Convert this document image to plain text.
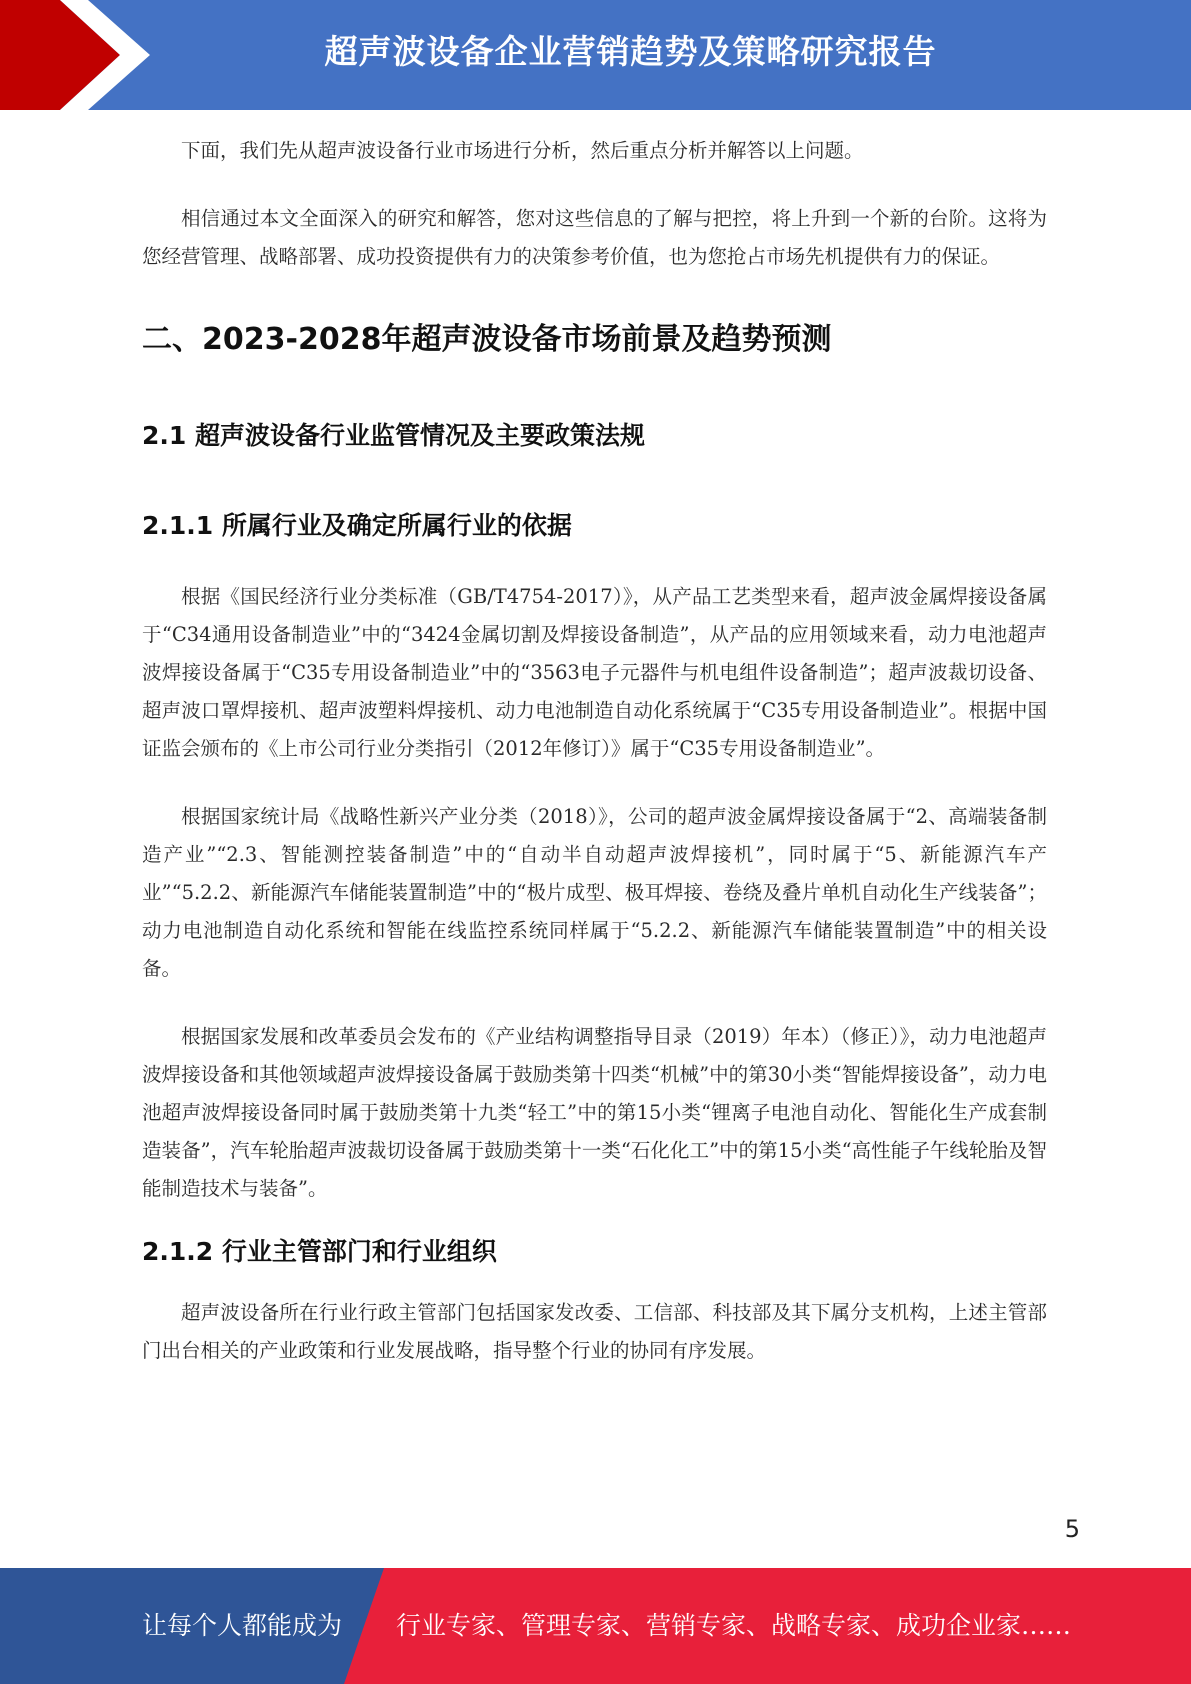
超声波设备企业营销趋势及策略研究报告

下面，我们先从超声波设备行业市场进行分析，然后重点分析并解答以上问题。

相信通过本文全面深入的研究和解答，您对这些信息的了解与把控，将上升到一个新的台阶。这将为您经营管理、战略部署、成功投资提供有力的决策参考价值，也为您抢占市场先机提供有力的保证。

二、2023-2028年超声波设备市场前景及趋势预测
2.1 超声波设备行业监管情况及主要政策法规
2.1.1 所属行业及确定所属行业的依据

根据《国民经济行业分类标准（GB/T4754-2017）》，从产品工艺类型来看，超声波金属焊接设备属于“C34通用设备制造业”中的“3424金属切割及焊接设备制造”，从产品的应用领域来看，动力电池超声波焊接设备属于“C35专用设备制造业”中的“3563电子元器件与机电组件设备制造”；超声波裁切设备、超声波口罩焊接机、超声波塑料焊接机、动力电池制造自动化系统属于“C35专用设备制造业”。根据中国证监会颁布的《上市公司行业分类指引（2012年修订）》属于“C35专用设备制造业”。

根据国家统计局《战略性新兴产业分类（2018）》，公司的超声波金属焊接设备属于“2、高端装备制造产业”“2.3、智能测控装备制造”中的“自动半自动超声波焊接机”，同时属于“5、新能源汽车产业”“5.2.2、新能源汽车储能装置制造”中的“极片成型、极耳焊接、卷绕及叠片单机自动化生产线装备”；动力电池制造自动化系统和智能在线监控系统同样属于“5.2.2、新能源汽车储能装置制造”中的相关设备。

根据国家发展和改革委员会发布的《产业结构调整指导目录（2019）年本）（修正）》，动力电池超声波焊接设备和其他领域超声波焊接设备属于鼓励类第十四类“机械”中的第30小类“智能焊接设备”，动力电池超声波焊接设备同时属于鼓励类第十九类“轻工”中的第15小类“锂离子电池自动化、智能化生产成套制造装备”，汽车轮胎超声波裁切设备属于鼓励类第十一类“石化化工”中的第15小类“高性能子午线轮胎及智能制造技术与装备”。

2.1.2 行业主管部门和行业组织

超声波设备所在行业行政主管部门包括国家发改委、工信部、科技部及其下属分支机构，上述主管部门出台相关的产业政策和行业发展战略，指导整个行业的协同有序发展。

5
让每个人都能成为 行业专家、管理专家、营销专家、战略专家、成功企业家……
